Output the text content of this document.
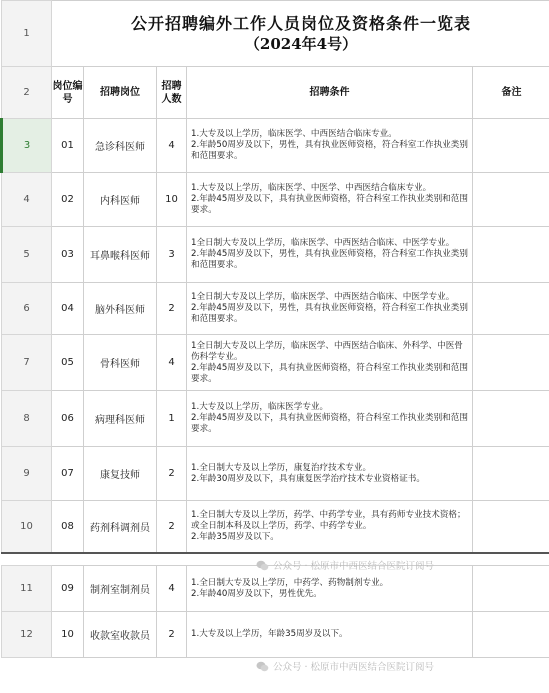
1	公开招聘编外工作人员岗位及资格条件一览表
（2024年4号）				

2	岗位编号	招聘岗位	招聘人数	招聘条件	备注
3	01	急诊科医师	4	1.大专及以上学历，临床医学、中西医结合临床专业。
2.年龄50周岁及以下，男性，具有执业医师资格，符合科室工作执业类别和范围要求。	
4	02	内科医师	10	1.大专及以上学历，临床医学、中医学、中西医结合临床专业。
2.年龄45周岁及以下，具有执业医师资格，符合科室工作执业类别和范围要求。	
5	03	耳鼻喉科医师	3	1全日制大专及以上学历，临床医学、中西医结合临床、中医学专业。
2.年龄45周岁及以下，男性，具有执业医师资格，符合科室工作执业类别和范围要求。	
6	04	脑外科医师	2	1全日制大专及以上学历，临床医学、中西医结合临床、中医学专业。
2.年龄45周岁及以下，男性，具有执业医师资格，符合科室工作执业类别和范围要求。	
7	05	骨科医师	4	1全日制大专及以上学历，临床医学、中西医结合临床、外科学、中医骨伤科学专业。
2.年龄45周岁及以下，具有执业医师资格，符合科室工作执业类别和范围要求。	
8	06	病理科医师	1	1.大专及以上学历，临床医学专业。
2.年龄45周岁及以下，具有执业医师资格，符合科室工作执业类别和范围要求。	
9	07	康复技师	2	1.全日制大专及以上学历，康复治疗技术专业。
2.年龄30周岁及以下，具有康复医学治疗技术专业资格证书。	
10	08	药剂科调剂员	2	1.全日制大专及以上学历，药学、中药学专业，具有药师专业技术资格；或全日制本科及以上学历，药学、中药学专业。
2.年龄35周岁及以下。	

11	09	制剂室制剂员	4	1.全日制大专及以上学历，中药学、药物制剂专业。
2.年龄40周岁及以下，男性优先。	
12	10	收款室收款员	2	1.大专及以上学历，年龄35周岁及以下。	
公众号 · 松原市中西医结合医院订阅号
公众号 · 松原市中西医结合医院订阅号
